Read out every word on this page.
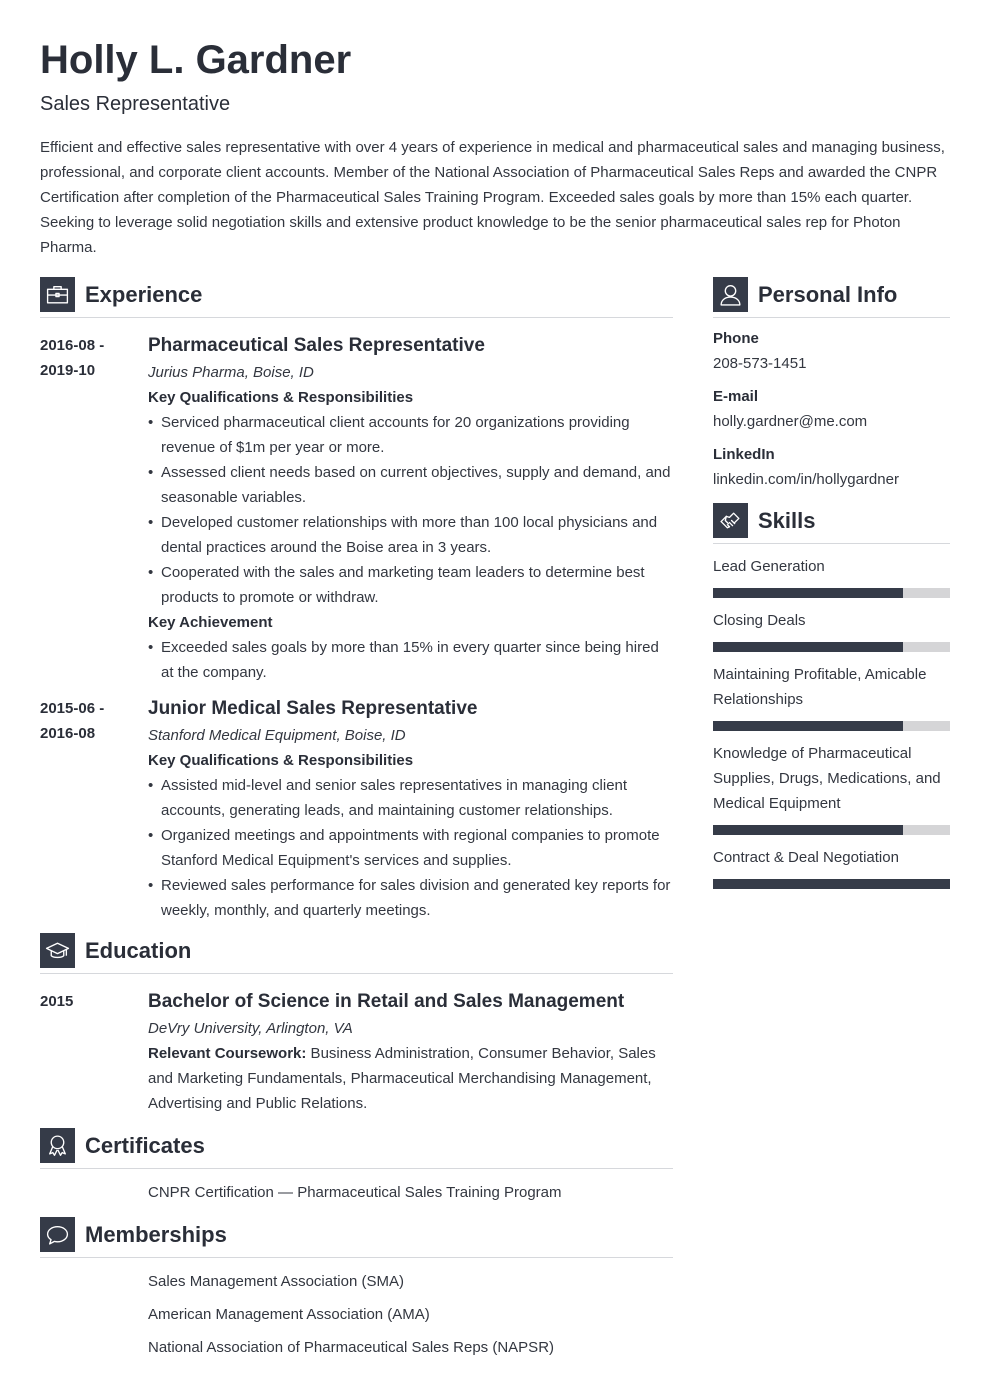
Holly L. Gardner
Sales Representative
Efficient and effective sales representative with over 4 years of experience in medical and pharmaceutical sales and managing business, professional, and corporate client accounts. Member of the National Association of Pharmaceutical Sales Reps and awarded the CNPR Certification after completion of the Pharmaceutical Sales Training Program. Exceeded sales goals by more than 15% each quarter. Seeking to leverage solid negotiation skills and extensive product knowledge to be the senior pharmaceutical sales rep for Photon Pharma.
Experience
2016-08 -
2019-10
Pharmaceutical Sales Representative
Jurius Pharma, Boise, ID
Key Qualifications & Responsibilities
• Serviced pharmaceutical client accounts for 20 organizations providing revenue of $1m per year or more.
• Assessed client needs based on current objectives, supply and demand, and seasonable variables.
• Developed customer relationships with more than 100 local physicians and dental practices around the Boise area in 3 years.
• Cooperated with the sales and marketing team leaders to determine best products to promote or withdraw.
Key Achievement
• Exceeded sales goals by more than 15% in every quarter since being hired at the company.
2015-06 -
2016-08
Junior Medical Sales Representative
Stanford Medical Equipment, Boise, ID
Key Qualifications & Responsibilities
• Assisted mid-level and senior sales representatives in managing client accounts, generating leads, and maintaining customer relationships.
• Organized meetings and appointments with regional companies to promote Stanford Medical Equipment's services and supplies.
• Reviewed sales performance for sales division and generated key reports for weekly, monthly, and quarterly meetings.
Education
2015	Bachelor of Science in Retail and Sales Management
DeVry University, Arlington, VA
Relevant Coursework: Business Administration, Consumer Behavior, Sales and Marketing Fundamentals, Pharmaceutical Merchandising Management, Advertising and Public Relations.
Certificates
CNPR Certification — Pharmaceutical Sales Training Program
Memberships
Sales Management Association (SMA)
American Management Association (AMA)
National Association of Pharmaceutical Sales Reps (NAPSR)
Personal Info
Phone
208-573-1451
E-mail
holly.gardner@me.com
LinkedIn
linkedin.com/in/hollygardner
Skills
Lead Generation
Closing Deals
Maintaining Profitable, Amicable Relationships
Knowledge of Pharmaceutical Supplies, Drugs, Medications, and Medical Equipment
Contract & Deal Negotiation
